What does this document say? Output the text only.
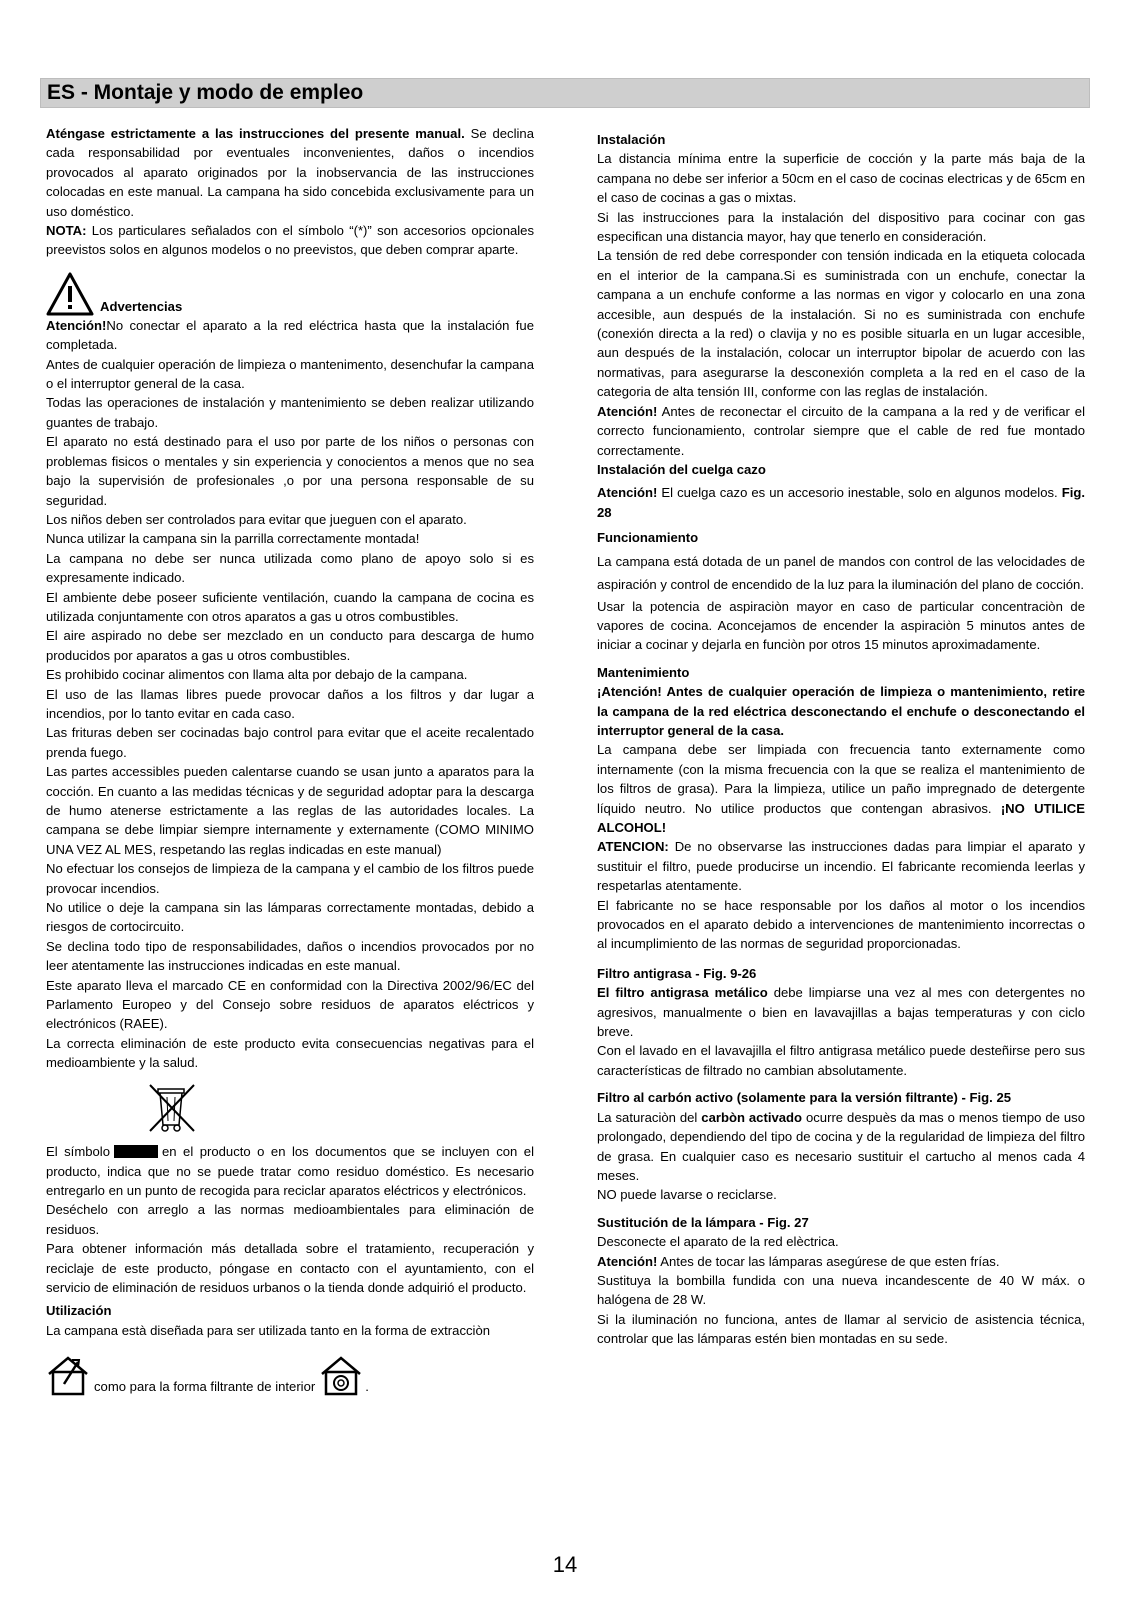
ES - Montaje y modo de empleo

Aténgase estrictamente a las instrucciones del presente manual. Se declina cada responsabilidad por eventuales inconvenientes, daños o incendios provocados al aparato originados por la inobservancia de las instrucciones colocadas en este manual. La campana ha sido concebida exclusivamente para un uso doméstico.

NOTA: Los particulares señalados con el símbolo “(*)” son accesorios opcionales preevistos solos en algunos modelos o no preevistos, que deben comprar aparte.

Advertencias

Atención!No conectar el aparato a la red eléctrica hasta que la instalación fue completada.

Antes de cualquier operación de limpieza o mantenimento, desenchufar la campana o el interruptor general de la casa.

Todas las operaciones de instalación y mantenimiento se deben realizar utilizando guantes de trabajo.

El aparato no está destinado para el uso por parte de los niños o personas con problemas fisicos o mentales y sin experiencia y conocientos a menos que no sea bajo la supervisión de profesionales ,o por una persona responsable de su seguridad.

Los niños deben ser controlados para evitar que jueguen con el aparato.

Nunca utilizar la campana sin la parrilla correctamente montada!

La campana no debe ser nunca utilizada como plano de apoyo solo si es expresamente indicado.

El ambiente debe poseer suficiente ventilación, cuando la campana de cocina es utilizada conjuntamente con otros aparatos a gas u otros combustibles.

El aire aspirado no debe ser mezclado en un conducto para descarga de humo producidos por aparatos a gas u otros combustibles.

Es prohibido cocinar alimentos con llama alta por debajo de la campana.

El uso de las llamas libres puede provocar daños a los filtros y dar lugar a incendios, por lo tanto evitar en cada caso.

Las frituras deben ser cocinadas bajo control para evitar que el aceite recalentado prenda fuego.

Las partes accessibles pueden calentarse cuando se usan junto a aparatos para la cocción. En cuanto a las medidas técnicas y de seguridad adoptar para la descarga de humo atenerse estrictamente a las reglas de las autoridades locales. La campana se debe limpiar siempre internamente y externamente (COMO MINIMO UNA VEZ AL MES, respetando las reglas indicadas en este manual)

No efectuar los consejos de limpieza de la campana y el cambio de los filtros puede provocar incendios.

No utilice o deje la campana sin las lámparas correctamente montadas, debido a riesgos de cortocircuito.

Se declina todo tipo de responsabilidades, daños o incendios provocados por no leer atentamente las instrucciones indicadas en este manual.

Este aparato lleva el marcado CE en conformidad con la Directiva 2002/96/EC del Parlamento Europeo y del Consejo sobre residuos de aparatos eléctricos y electrónicos (RAEE).

La correcta eliminación de este producto evita consecuencias negativas para el medioambiente y la salud.

El símbolo	en el producto o en los documentos que se incluyen con el producto, indica que no se puede tratar como residuo doméstico. Es necesario entregarlo en un punto de recogida para reciclar aparatos eléctricos y electrónicos.

Deséchelo con arreglo a las normas medioambientales para eliminación de residuos.

Para obtener información más detallada sobre el tratamiento, recuperación y reciclaje de este producto, póngase en contacto con el ayuntamiento, con el servicio de eliminación de residuos urbanos o la tienda donde adquirió el producto.

Utilización

La campana està diseñada para ser utilizada tanto en la forma de extracciòn

como para la forma filtrante de interior	.

Instalación

La distancia mínima entre la superficie de cocción y la parte más baja de la campana no debe ser inferior a 50cm en el caso de cocinas electricas y de 65cm en el caso de cocinas a gas o mixtas.

Si las instrucciones para la instalación del dispositivo para cocinar con gas especifican una distancia mayor, hay que tenerlo en consideración.

La tensión de red debe corresponder con tensión indicada en la etiqueta colocada en el interior de la campana.Si es suministrada con un enchufe, conectar la campana a un enchufe conforme a las normas en vigor y colocarlo en una zona accesible, aun después de la instalación. Si no es suministrada con enchufe (conexión directa a la red) o clavija y no es posible situarla en un lugar accesible, aun después de la instalación, colocar un interruptor bipolar de acuerdo con las normativas, para asegurarse la desconexión completa a la red en el caso de la categoria de alta tensión III, conforme con las reglas de instalación.

Atención! Antes de reconectar el circuito de la campana a la red y de verificar el correcto funcionamiento, controlar siempre que el cable de red fue montado correctamente.

Instalación del cuelga cazo

Atención! El cuelga cazo es un accesorio inestable, solo en algunos modelos. Fig. 28

Funcionamiento

La campana está dotada de un panel de mandos con control de las velocidades de aspiración y control de encendido de la luz para la iluminación del plano de cocción.

Usar la potencia de aspiraciòn mayor en caso de particular concentraciòn de vapores de cocina. Aconcejamos de encender la aspiraciòn 5 minutos antes de iniciar a cocinar y dejarla en funciòn por otros 15 minutos aproximadamente.

Mantenimiento

¡Atención! Antes de cualquier operación de limpieza o mantenimiento, retire la campana de la red eléctrica desconectando el enchufe o desconectando el interruptor general de la casa.

La campana debe ser limpiada con frecuencia tanto externamente como internamente (con la misma frecuencia con la que se realiza el mantenimiento de los filtros de grasa). Para la limpieza, utilice un paño impregnado de detergente líquido neutro. No utilice productos que contengan abrasivos. ¡NO UTILICE ALCOHOL!

ATENCION: De no observarse las instrucciones dadas para limpiar el aparato y sustituir el filtro, puede producirse un incendio. El fabricante recomienda leerlas y respetarlas atentamente.

El fabricante no se hace responsable por los daños al motor o los incendios provocados en el aparato debido a intervenciones de mantenimiento incorrectas o al incumplimiento de las normas de seguridad proporcionadas.

Filtro antigrasa - Fig. 9-26

El filtro antigrasa metálico debe limpiarse una vez al mes con detergentes no agresivos, manualmente o bien en lavavajillas a bajas temperaturas y con ciclo breve.

Con el lavado en el lavavajilla el filtro antigrasa metálico puede desteñirse pero sus características de filtrado no cambian absolutamente.

Filtro al carbón activo (solamente para la versión filtrante) - Fig. 25

La saturaciòn del carbòn activado ocurre despuès da mas o menos tiempo de uso prolongado, dependiendo del tipo de cocina y de la regularidad de limpieza del filtro de grasa. En cualquier caso es necesario sustituir el cartucho al menos cada 4 meses.

NO puede lavarse o reciclarse.

Sustitución de la lámpara - Fig. 27

Desconecte el aparato de la red elèctrica.

Atención! Antes de tocar las lámparas asegúrese de que esten frías.

Sustituya la bombilla fundida con una nueva incandescente de 40 W máx. o halógena de 28 W.

Si la iluminación no funciona, antes de llamar al servicio de asistencia técnica, controlar que las lámparas estén bien montadas en su sede.

14
